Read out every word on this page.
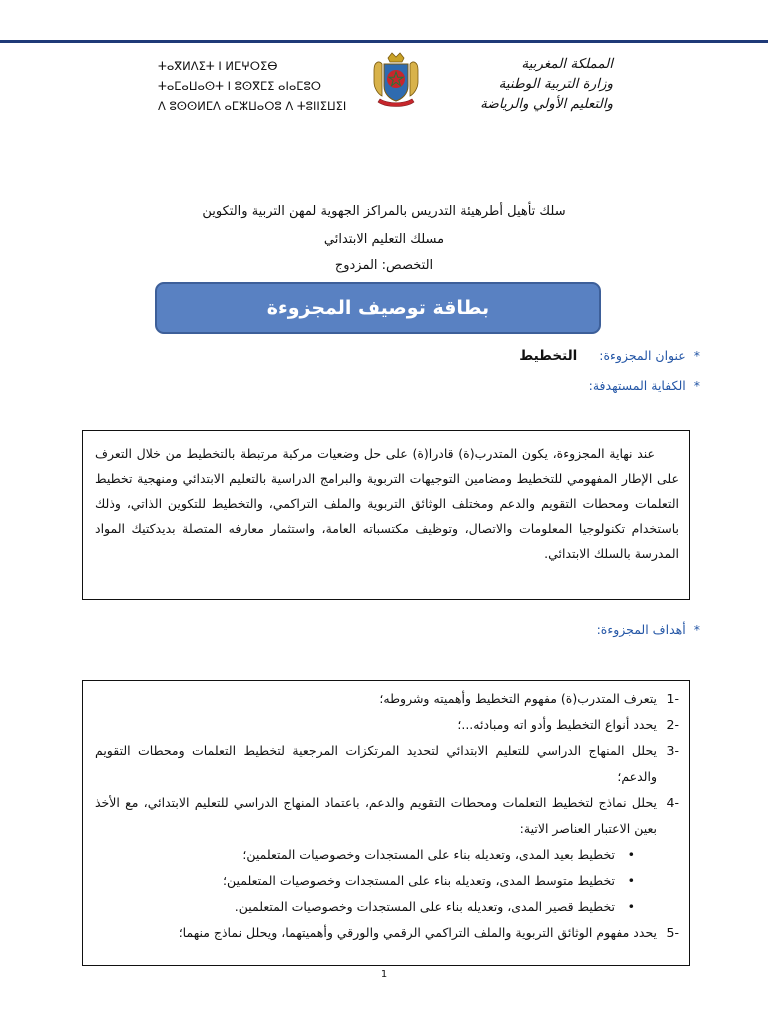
ⵜⴰⴳⵍⴷⵉⵜ ⵏ ⵍⵎⵖⵔⵉⴱ
ⵜⴰⵎⴰⵡⴰⵙⵜ ⵏ ⵓⵙⴳⵎⵉ ⴰⵏⴰⵎⵓⵔ
ⴷ ⵓⵙⵙⵍⵎⴷ ⴰⵎⵣⵡⴰⵔⵓ ⴷ ⵜⵓⵏⵏⵉⵡⵉⵏ
المملكة المغربية
وزارة التربية الوطنية
والتعليم الأولي والرياضة
سلك تأهيل أطرهيئة التدريس بالمراكز الجهوية لمهن التربية والتكوين
مسلك التعليم الابتدائي
التخصص: المزدوج
بطاقة توصيف المجزوءة
*عنوان المجزوءة:التخطيط
*الكفاية المستهدفة:
عند نهاية المجزوءة، يكون المتدرب(ة) قادرا(ة) على حل وضعيات مركبة مرتبطة بالتخطيط من خلال التعرف على الإطار المفهومي للتخطيط ومضامين التوجيهات التربوية والبرامج الدراسية بالتعليم الابتدائي ومنهجية تخطيط التعلمات ومحطات التقويم والدعم ومختلف الوثائق التربوية والملف التراكمي، والتخطيط للتكوين الذاتي، وذلك باستخدام تكنولوجيا المعلومات والاتصال، وتوظيف مكتسباته العامة، واستثمار معارفه المتصلة بديدكتيك المواد المدرسة بالسلك الابتدائي.
*أهداف المجزوءة:
-1
يتعرف المتدرب(ة) مفهوم التخطيط وأهميته وشروطه؛
-2
يحدد أنواع التخطيط وأدو اته ومبادئه...؛
-3
يحلل المنهاج الدراسي للتعليم الابتدائي لتحديد المرتكزات المرجعية لتخطيط التعلمات ومحطات التقويم والدعم؛
-4
يحلل نماذج لتخطيط التعلمات ومحطات التقويم والدعم، باعتماد المنهاج الدراسي للتعليم الابتدائي، مع الأخذ بعين الاعتبار العناصر الاتية:
•
تخطيط بعيد المدى، وتعديله بناء على المستجدات وخصوصيات المتعلمين؛
•
تخطيط متوسط المدى، وتعديله بناء على المستجدات وخصوصيات المتعلمين؛
•
تخطيط قصير المدى، وتعديله بناء على المستجدات وخصوصيات المتعلمين.
-5
يحدد مفهوم الوثائق التربوية والملف التراكمي الرقمي والورقي وأهميتهما، ويحلل نماذج منهما؛
1
